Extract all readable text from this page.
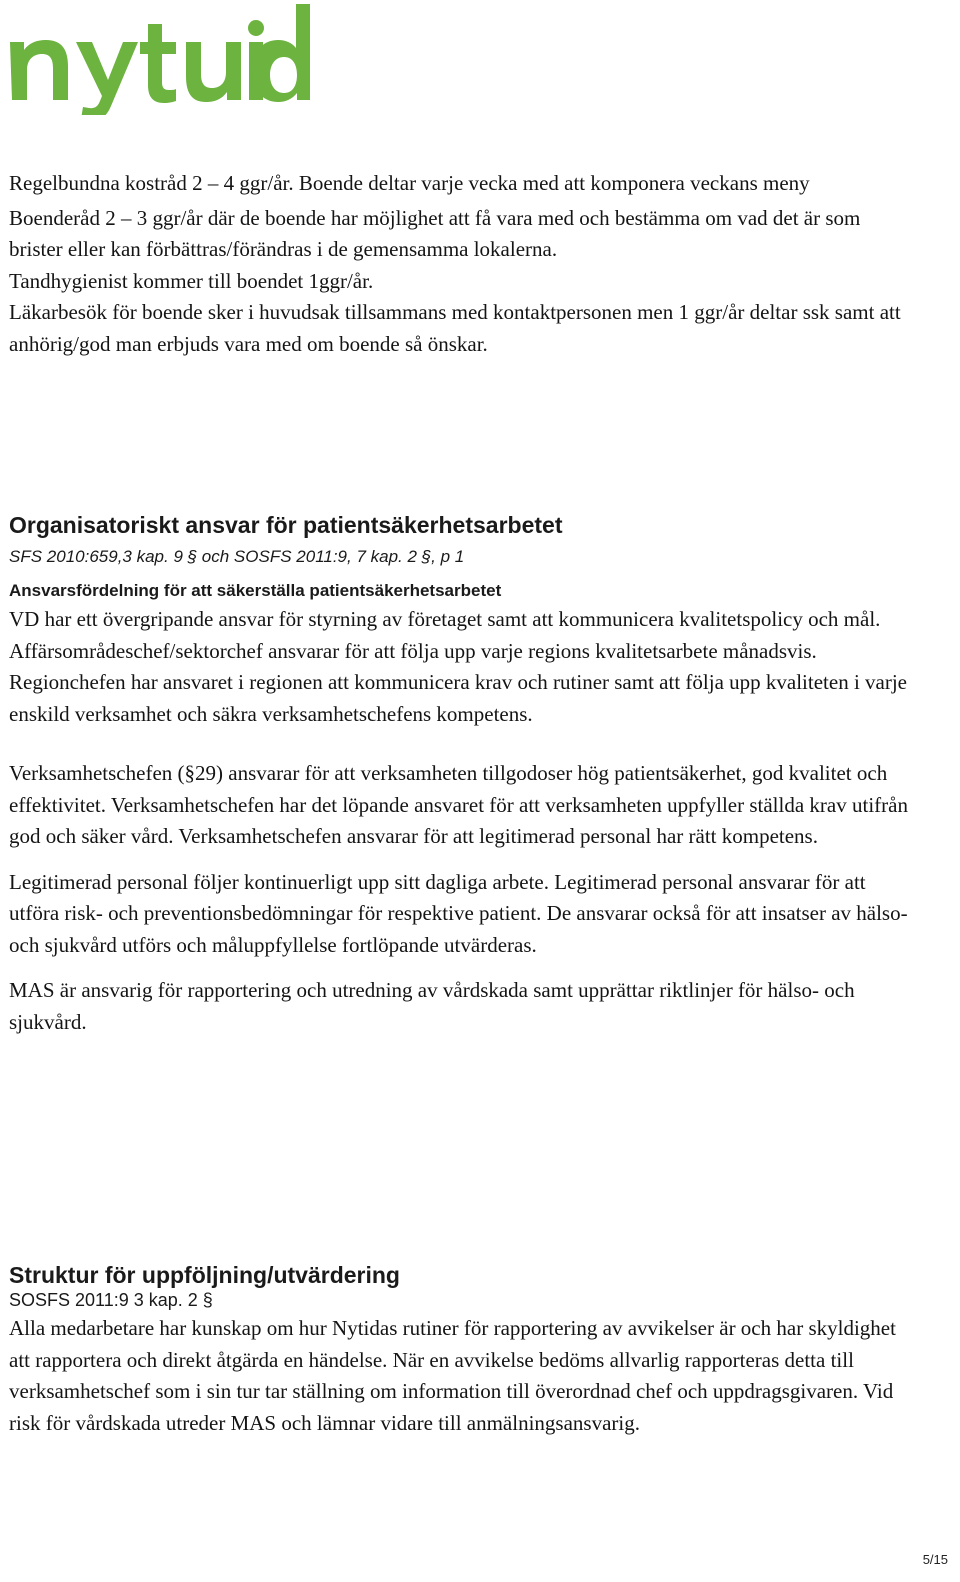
Regelbundna kostråd 2 – 4 ggr/år. Boende deltar varje vecka med att komponera veckans meny

Boenderåd 2 – 3 ggr/år där de boende har möjlighet att få vara med och bestämma om vad det är som brister eller kan förbättras/förändras i de gemensamma lokalerna.

Tandhygienist kommer till boendet 1ggr/år.

Läkarbesök för boende sker i huvudsak tillsammans med kontaktpersonen men 1 ggr/år deltar ssk samt att anhörig/god man erbjuds vara med om boende så önskar.

Organisatoriskt ansvar för patientsäkerhetsarbetet

SFS 2010:659,3 kap. 9 § och SOSFS 2011:9, 7 kap. 2 §, p 1

Ansvarsfördelning för att säkerställa patientsäkerhetsarbetet

VD har ett övergripande ansvar för styrning av företaget samt att kommunicera kvalitetspolicy och mål.

Affärsområdeschef/sektorchef ansvarar för att följa upp varje regions kvalitetsarbete månadsvis.

Regionchefen har ansvaret i regionen att kommunicera krav och rutiner samt att följa upp kvaliteten i varje enskild verksamhet och säkra verksamhetschefens kompetens.

Verksamhetschefen (§29) ansvarar för att verksamheten tillgodoser hög patientsäkerhet, god kvalitet och effektivitet. Verksamhetschefen har det löpande ansvaret för att verksamheten uppfyller ställda krav utifrån god och säker vård. Verksamhetschefen ansvarar för att legitimerad personal har rätt kompetens.

Legitimerad personal följer kontinuerligt upp sitt dagliga arbete. Legitimerad personal ansvarar för att utföra risk- och preventionsbedömningar för respektive patient. De ansvarar också för att insatser av hälso- och sjukvård utförs och måluppfyllelse fortlöpande utvärderas.

MAS är ansvarig för rapportering och utredning av vårdskada samt upprättar riktlinjer för hälso- och sjukvård.

Struktur för uppföljning/utvärdering

SOSFS 2011:9 3 kap. 2 §

Alla medarbetare har kunskap om hur Nytidas rutiner för rapportering av avvikelser är och har skyldighet att rapportera och direkt åtgärda en händelse. När en avvikelse bedöms allvarlig rapporteras detta till verksamhetschef som i sin tur tar ställning om information till överordnad chef och uppdragsgivaren. Vid risk för vårdskada utreder MAS och lämnar vidare till anmälningsansvarig.

5/15
